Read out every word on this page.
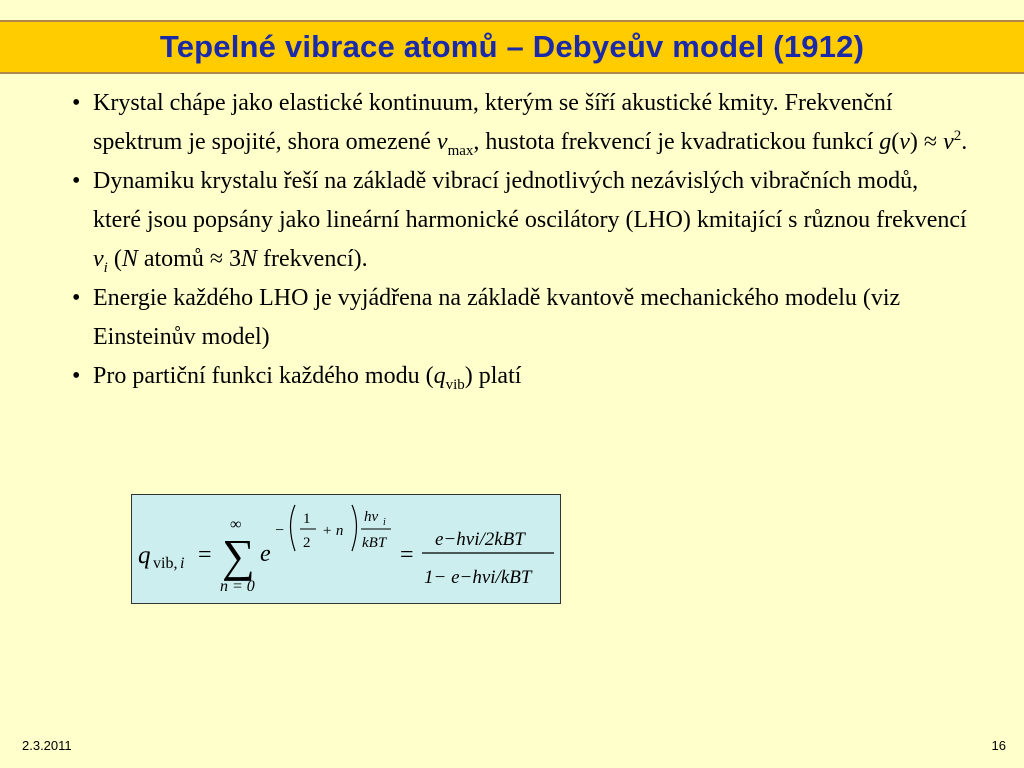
Tepelné vibrace atomů – Debyeův model (1912)
• Krystal chápe jako elastické kontinuum, kterým se šíří akustické kmity. Frekvenční spektrum je spojité, shora omezené $v_{max}$, hustota frekvencí je kvadratickou funkcí $g(v) \approx v^2$.
• Dynamiku krystalu řeší na základě vibrací jednotlivých nezávislých vibračních modů, které jsou popsány jako lineární harmonické oscilátory (LHO) kmitající s různou frekvencí $v_i$ (N atomů ≈ 3N frekvencí).
• Energie každého LHO je vyjádřena na základě kvantově mechanického modelu (viz Einsteinův model)
• Pro partiční funkci každého modu $(q_{vib})$ platí
q vib, i =
∞
∑
n = 0
e
−
1
2
+ n
hν i
kBT =
e−hνi/2kBT
1− e−hνi/kBT
2.3.2011	16
